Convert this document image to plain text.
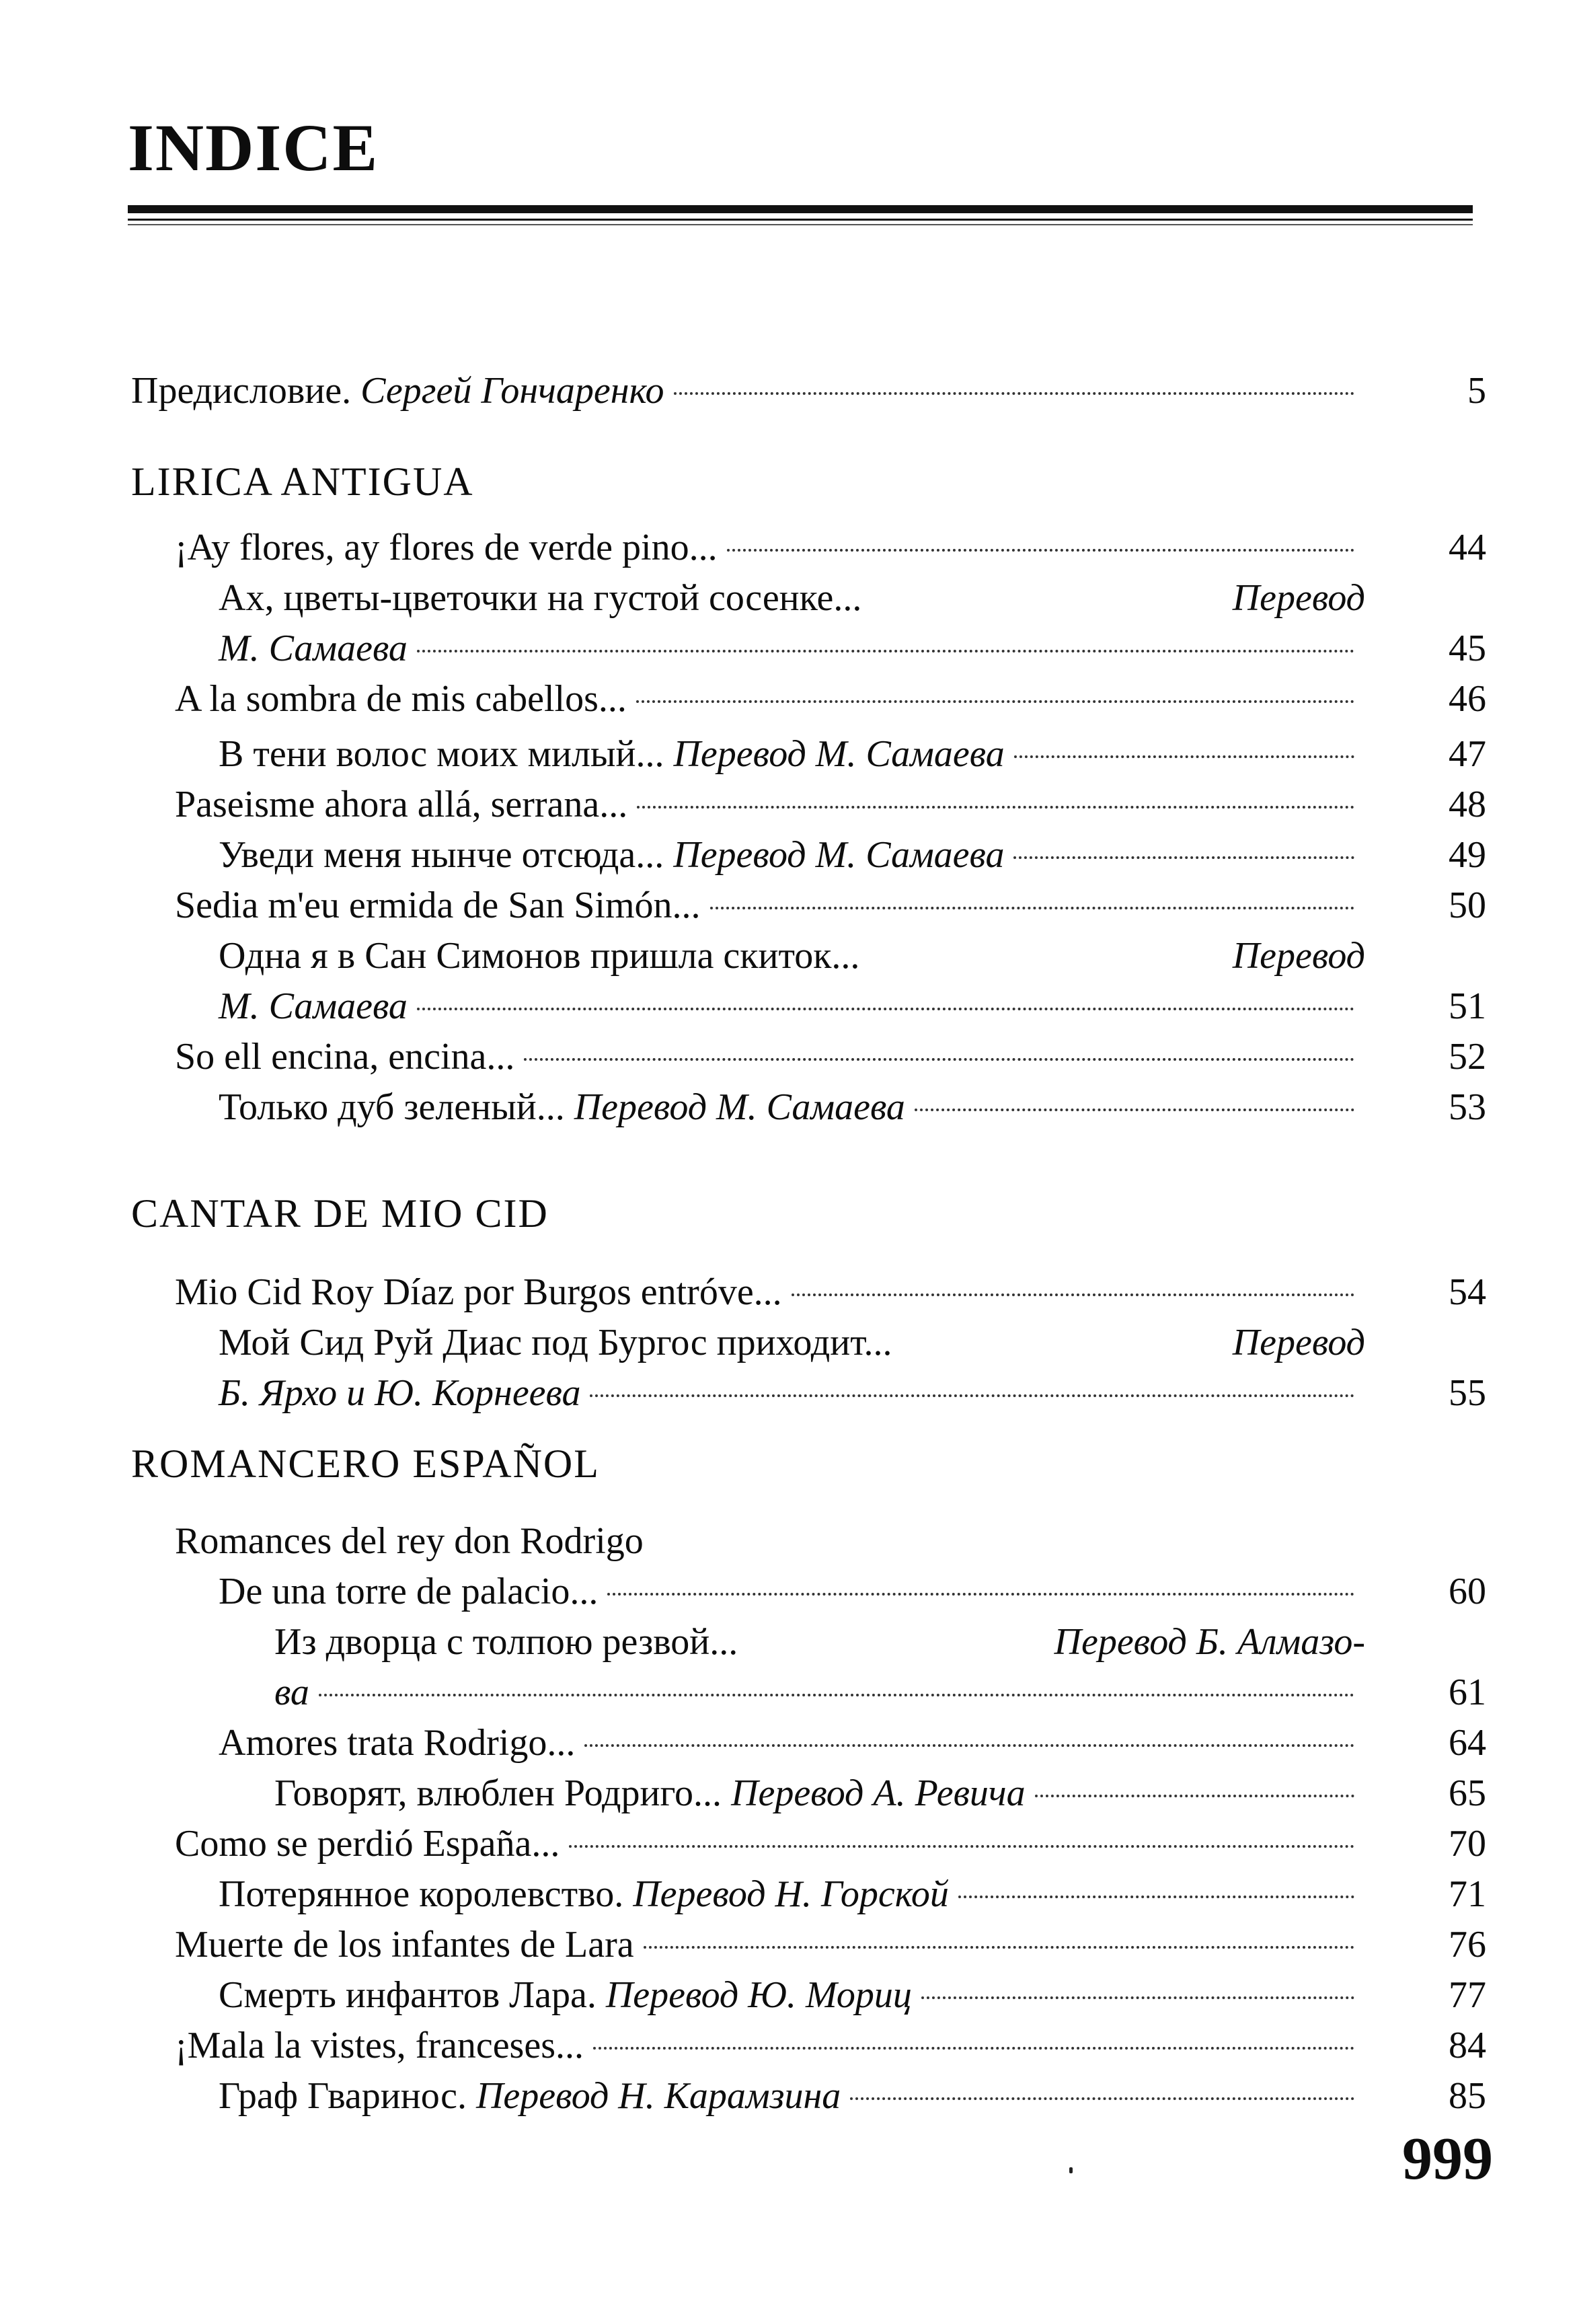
INDICE
Предисловие. Сергей Гончаренко	5
LIRICA ANTIGUA
¡Ay flores, ay flores de verde pino...	44
Ах, цветы-цветочки на густой сосенке...	Перевод
М. Самаева	45
A la sombra de mis cabellos...	46
В тени волос моих милый... Перевод М. Самаева	47
Paseisme ahora allá, serrana...	48
Уведи меня нынче отсюда... Перевод М. Самаева	49
Sedia m'eu ermida de San Simón...	50
Одна я в Сан Симонов пришла скиток...	Перевод
М. Самаева	51
So ell encina, encina...	52
Только дуб зеленый... Перевод М. Самаева	53
CANTAR DE MIO CID
Mio Cid Roy Díaz por Burgos entróve...	54
Мой Сид Руй Диас под Бургос приходит...	Перевод
Б. Ярхо и Ю. Корнеева	55
ROMANCERO ESPAÑOL
Romances del rey don Rodrigo
De una torre de palacio...	60
Из дворца с толпою резвой...	Перевод Б. Алмазо-
ва	61
Amores trata Rodrigo...	64
Говорят, влюблен Родриго... Перевод А. Ревича	65
Como se perdió España...	70
Потерянное королевство. Перевод Н. Горской	71
Muerte de los infantes de Lara	76
Смерть инфантов Лара. Перевод Ю. Мориц	77
¡Mala la vistes, franceses...	84
Граф Гваринос. Перевод Н. Карамзина	85
999
